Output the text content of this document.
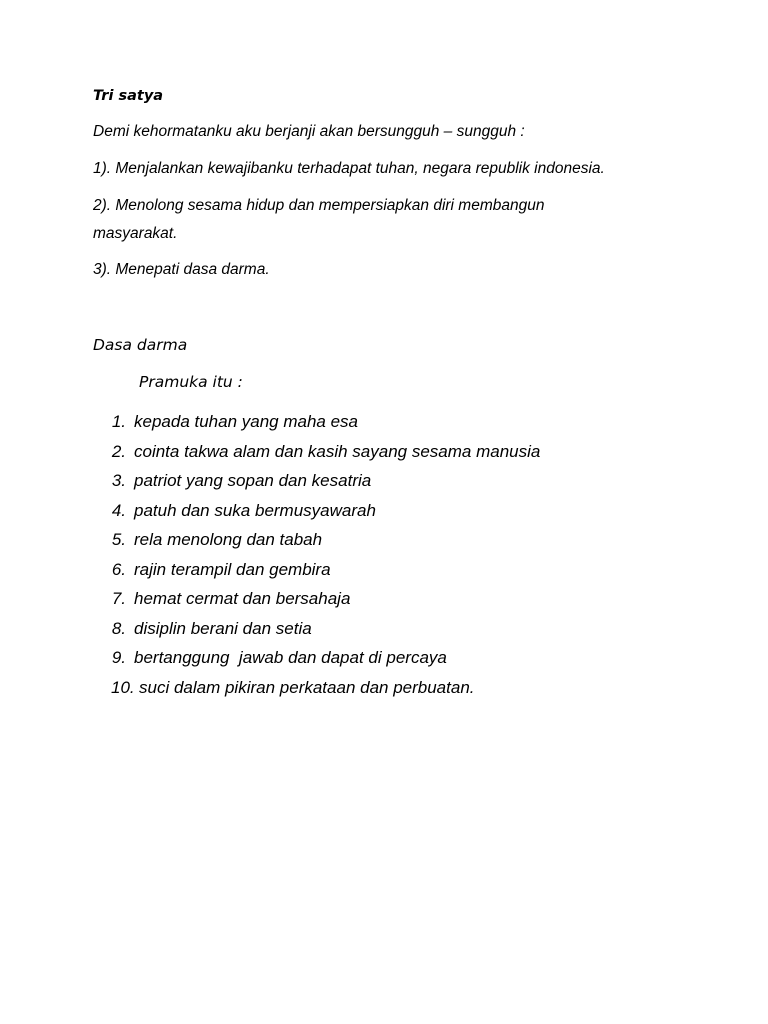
Tri satya

Demi kehormatanku aku berjanji akan bersungguh – sungguh :

1). Menjalankan kewajibanku terhadapat tuhan, negara republik indonesia.

2). Menolong sesama hidup dan mempersiapkan diri membangun

masyarakat.

3). Menepati dasa darma.

Dasa darma

Pramuka itu :

1. kepada tuhan yang maha esa
2. cointa takwa alam dan kasih sayang sesama manusia
3. patriot yang sopan dan kesatria
4. patuh dan suka bermusyawarah
5. rela menolong dan tabah
6. rajin terampil dan gembira
7. hemat cermat dan bersahaja
8. disiplin berani dan setia
9. bertanggung  jawab dan dapat di percaya
10. suci dalam pikiran perkataan dan perbuatan.
